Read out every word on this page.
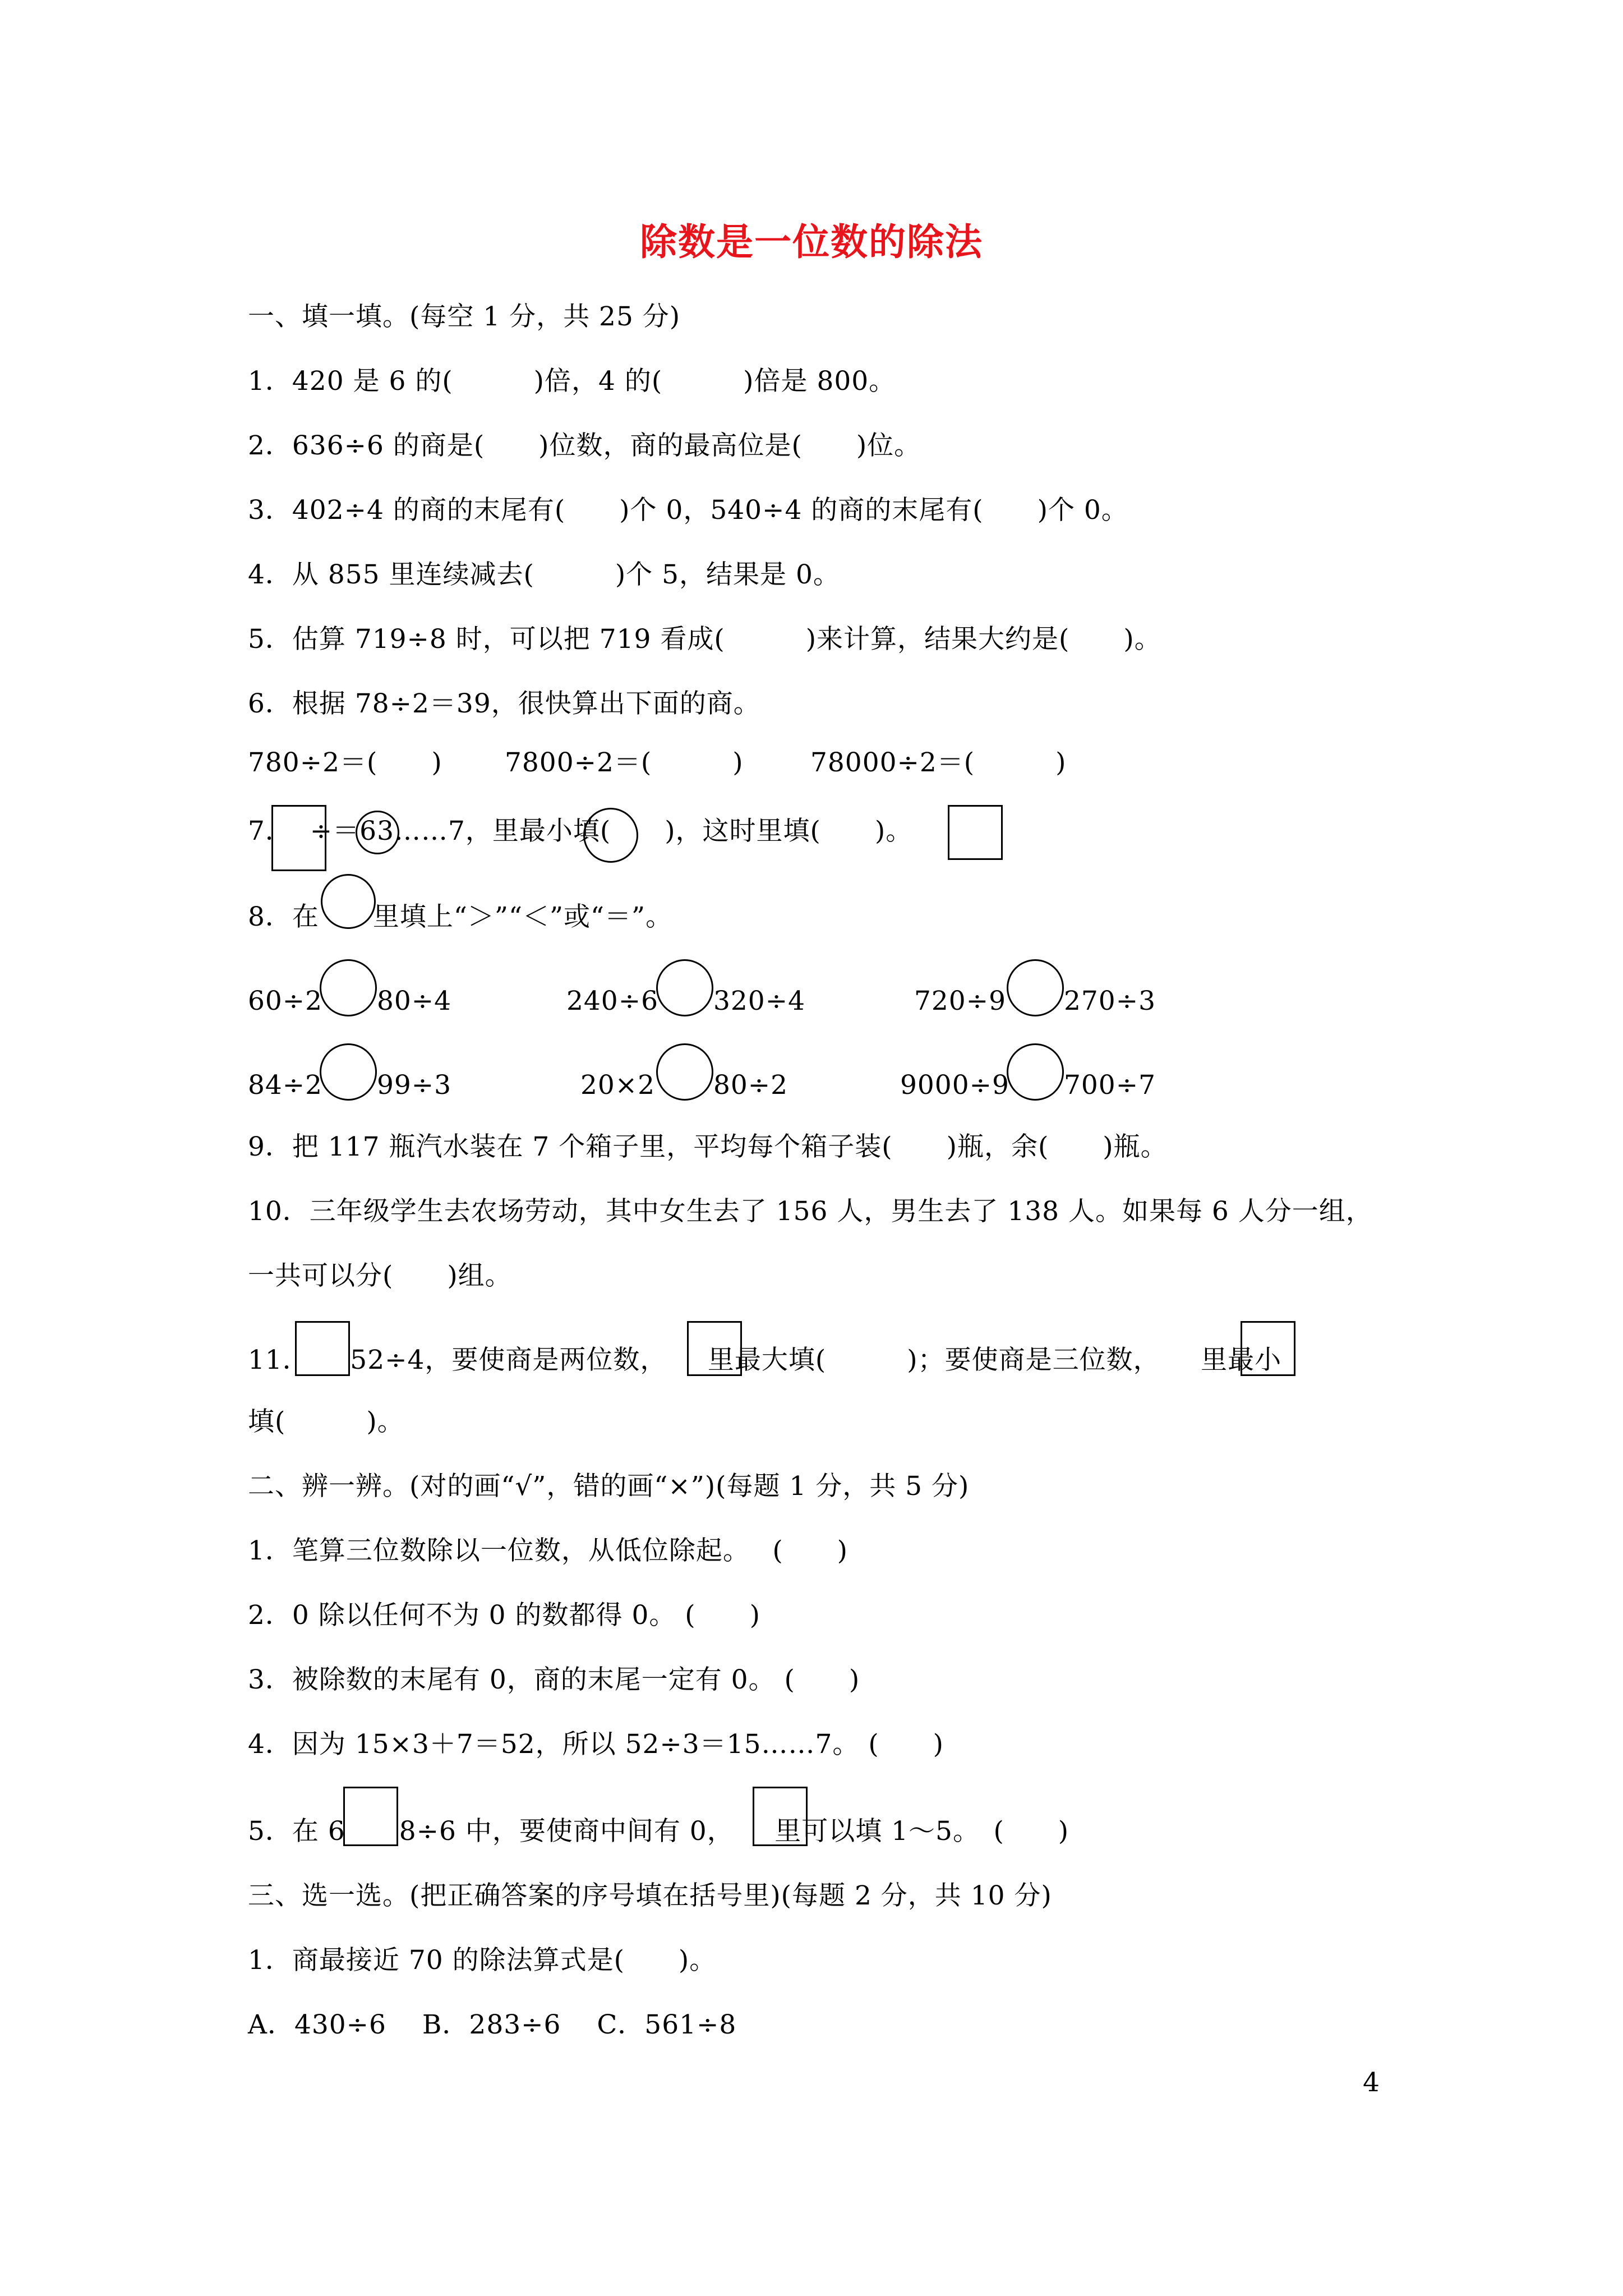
除数是一位数的除法
一、填一填。(每空 1 分，共 25 分)
1．420 是 6 的(　　　)倍，4 的(　　　)倍是 800。
2．636÷6 的商是(　　)位数，商的最高位是(　　)位。
3．402÷4 的商的末尾有(　　)个 0，540÷4 的商的末尾有(　　)个 0。
4．从 855 里连续减去(　　　)个 5，结果是 0。
5．估算 719÷8 时，可以把 719 看成(　　　)来计算，结果大约是(　　)。
6．根据 78÷2＝39，很快算出下面的商。
780÷2＝(　　) 7800÷2＝(　　　)	78000÷2＝(　　　)
7．  ÷＝63……7，里最小填(　　)，这时里填(　　)。
8．在　　里填上“＞”“＜”或“＝”。
60÷2 80÷4	240÷6 320÷4	720÷9 270÷3
84÷2 99÷3	20×2 80÷2	9000÷9 700÷7
9．把 117 瓶汽水装在 7 个箱子里，平均每个箱子装(　　)瓶，余(　　)瓶。
10．三年级学生去农场劳动，其中女生去了 156 人，男生去了 138 人。如果每 6 人分一组，
一共可以分(　　)组。
11．　　52÷4，要使商是两位数，　　里最大填(　　　)；要使商是三位数，　　里最小
填(　　　)。
二、辨一辨。(对的画“√”，错的画“×”)(每题 1 分，共 5 分)
1．笔算三位数除以一位数，从低位除起。　 (　　)
2．0 除以任何不为 0 的数都得 0。 (　　)
3．被除数的末尾有 0，商的末尾一定有 0。 (　　)
4．因为 15×3＋7＝52，所以 52÷3＝15……7。 (　　)
5．在 6　　8÷6 中，要使商中间有 0，　　里可以填 1～5。　(　　)
三、选一选。(把正确答案的序号填在括号里)(每题 2 分，共 10 分)
1．商最接近 70 的除法算式是(　　)。
A．430÷6　 B．283÷6　 C．561÷8
4
